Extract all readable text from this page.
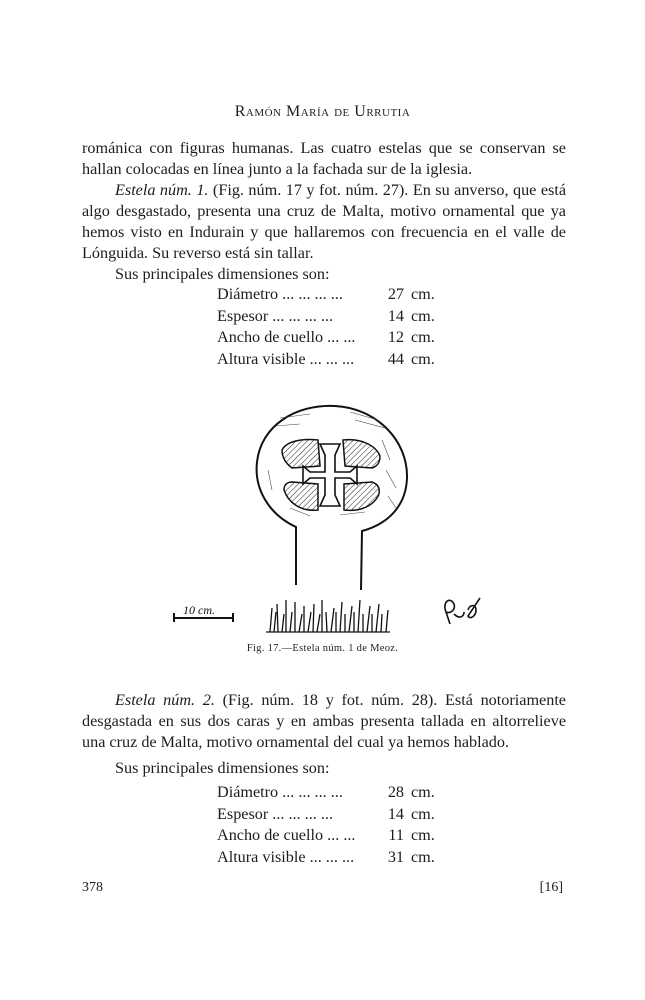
Ramón María de Urrutia

románica con figuras humanas. Las cuatro estelas que se conservan se hallan colocadas en línea junto a la fachada sur de la iglesia.

Estela núm. 1. (Fig. núm. 17 y fot. núm. 27). En su anverso, que está algo desgastado, presenta una cruz de Malta, motivo ornamental que ya hemos visto en Indurain y que hallaremos con frecuencia en el valle de Lónguida. Su reverso está sin tallar.

Sus principales dimensiones son:

Diámetro ... ... ... ...	27 cm.
Espesor ... ... ... ...	14 cm.
Ancho de cuello ... ...	12 cm.
Altura visible ... ... ...	44 cm.
10 cm.
R.U.
Fig. 17.—Estela núm. 1 de Meoz.

Estela núm. 2. (Fig. núm. 18 y fot. núm. 28). Está notoriamente desgastada en sus dos caras y en ambas presenta tallada en altorrelieve una cruz de Malta, motivo ornamental del cual ya hemos hablado.

Sus principales dimensiones son:

Diámetro ... ... ... ...	28 cm.
Espesor ... ... ... ...	14 cm.
Ancho de cuello ... ...	11 cm.
Altura visible ... ... ...	31 cm.
378	[16]
